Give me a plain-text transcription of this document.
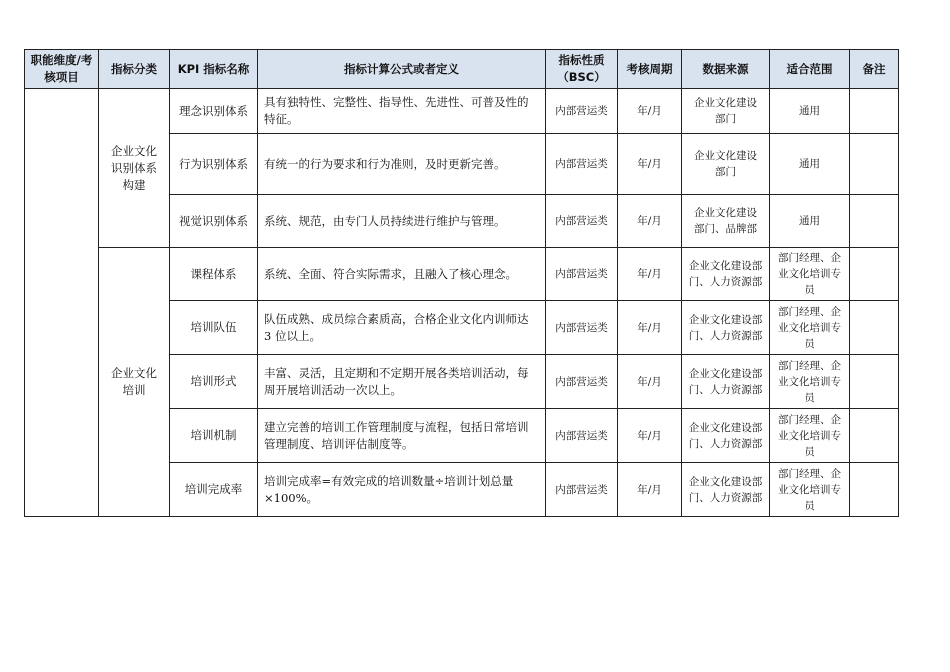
职能维度/考核项目	指标分类	KPI 指标名称	指标计算公式或者定义	指标性质（BSC）	考核周期	数据来源	适合范围	备注
	企业文化识别体系构建	理念识别体系	具有独特性、完整性、指导性、先进性、可普及性的特征。	内部营运类	年/月	企业文化建设部门	通用	
		行为识别体系	有统一的行为要求和行为准则，及时更新完善。	内部营运类	年/月	企业文化建设部门	通用	
		视觉识别体系	系统、规范，由专门人员持续进行维护与管理。	内部营运类	年/月	企业文化建设部门、品牌部	通用	
	企业文化培训	课程体系	系统、全面、符合实际需求，且融入了核心理念。	内部营运类	年/月	企业文化建设部门、人力资源部	部门经理、企业文化培训专员	
		培训队伍	队伍成熟、成员综合素质高，合格企业文化内训师达 3 位以上。	内部营运类	年/月	企业文化建设部门、人力资源部	部门经理、企业文化培训专员	
		培训形式	丰富、灵活，且定期和不定期开展各类培训活动，每周开展培训活动一次以上。	内部营运类	年/月	企业文化建设部门、人力资源部	部门经理、企业文化培训专员	
		培训机制	建立完善的培训工作管理制度与流程，包括日常培训管理制度、培训评估制度等。	内部营运类	年/月	企业文化建设部门、人力资源部	部门经理、企业文化培训专员	
		培训完成率	培训完成率=有效完成的培训数量÷培训计划总量×100%。	内部营运类	年/月	企业文化建设部门、人力资源部	部门经理、企业文化培训专员	
